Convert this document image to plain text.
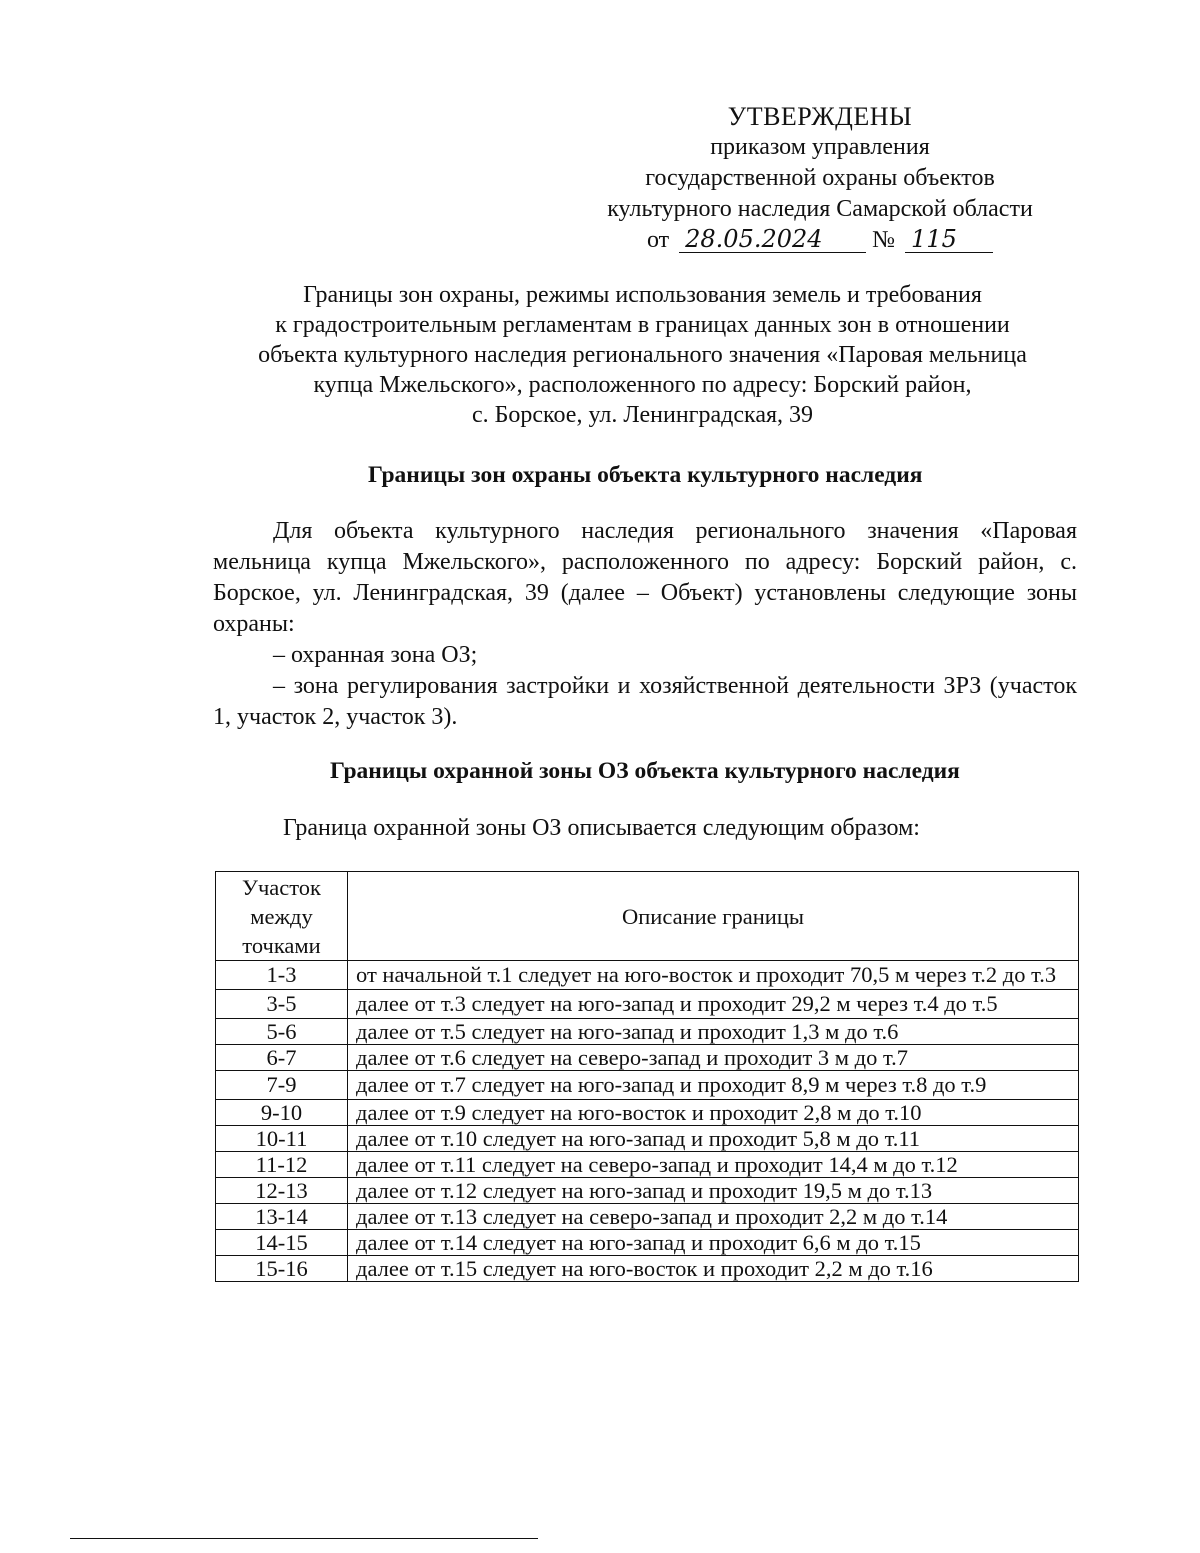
УТВЕРЖДЕНЫ
приказом управления
государственной охраны объектов
культурного наследия Самарской области
от 28.05.2024 № 115
Границы зон охраны, режимы использования земель и требования
к градостроительным регламентам в границах данных зон в отношении
объекта культурного наследия регионального значения «Паровая мельница
купца Мжельского», расположенного по адресу: Борский район,
с. Борское, ул. Ленинградская, 39
Границы зон охраны объекта культурного наследия

Для объекта культурного наследия регионального значения «Паровая мельница купца Мжельского», расположенного по адресу: Борский район, с. Борское, ул. Ленинградская, 39 (далее – Объект) установлены следующие зоны охраны:

– охранная зона ОЗ;

– зона регулирования застройки и хозяйственной деятельности ЗРЗ (участок 1, участок 2, участок 3).

Границы охранной зоны ОЗ объекта культурного наследия
Граница охранной зоны ОЗ описывается следующим образом:
Участок
между
точками	Описание границы
1-3	от начальной т.1 следует на юго-восток и проходит 70,5 м через т.2 до т.3
3-5	далее от т.3 следует на юго-запад и проходит 29,2 м через т.4 до т.5
5-6	далее от т.5 следует на юго-запад и проходит 1,3 м до т.6
6-7	далее от т.6 следует на северо-запад и проходит 3 м до т.7
7-9	далее от т.7 следует на юго-запад и проходит 8,9 м через т.8 до т.9
9-10	далее от т.9 следует на юго-восток и проходит 2,8 м до т.10
10-11	далее от т.10 следует на юго-запад и проходит 5,8 м до т.11
11-12	далее от т.11 следует на северо-запад и проходит 14,4 м до т.12
12-13	далее от т.12 следует на юго-запад и проходит 19,5 м до т.13
13-14	далее от т.13 следует на северо-запад и проходит 2,2 м до т.14
14-15	далее от т.14 следует на юго-запад и проходит 6,6 м до т.15
15-16	далее от т.15 следует на юго-восток и проходит 2,2 м до т.16
